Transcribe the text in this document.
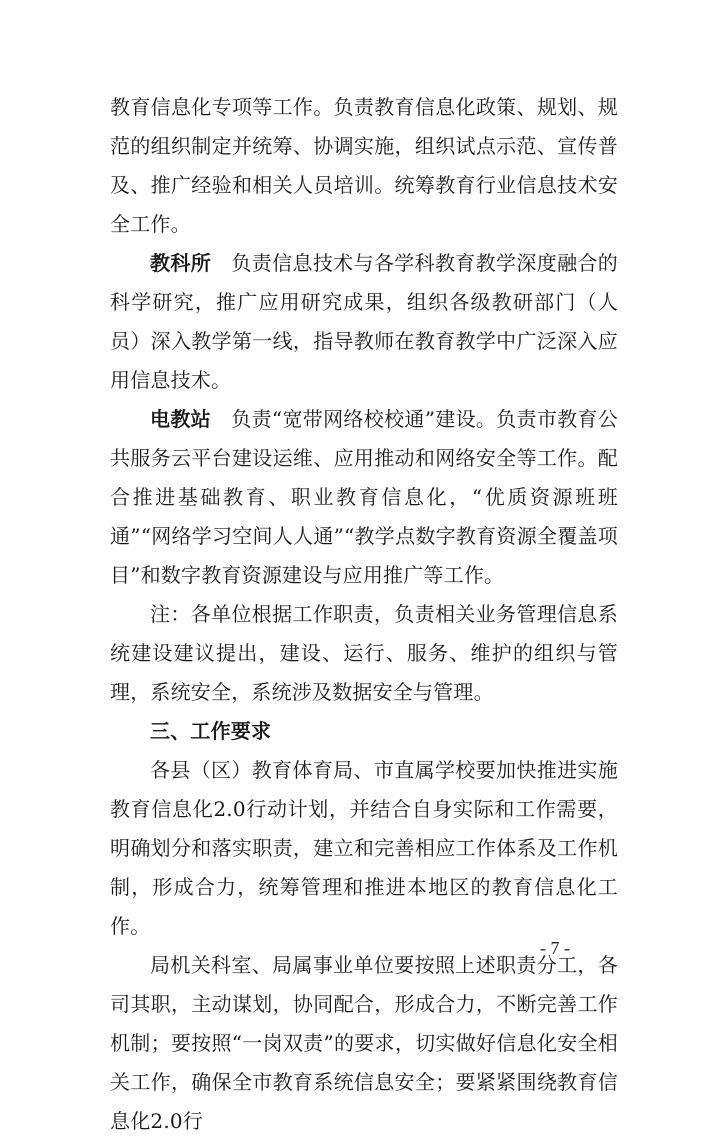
教育信息化专项等工作。负责教育信息化政策、规划、规范的组织制定并统筹、协调实施，组织试点示范、宣传普及、推广经验和相关人员培训。统筹教育行业信息技术安全工作。

教科所　负责信息技术与各学科教育教学深度融合的科学研究，推广应用研究成果，组织各级教研部门（人员）深入教学第一线，指导教师在教育教学中广泛深入应用信息技术。

电教站　负责“宽带网络校校通”建设。负责市教育公共服务云平台建设运维、应用推动和网络安全等工作。配合推进基础教育、职业教育信息化，“优质资源班班通”“网络学习空间人人通”“教学点数字教育资源全覆盖项目”和数字教育资源建设与应用推广等工作。

注：各单位根据工作职责，负责相关业务管理信息系统建设建议提出，建设、运行、服务、维护的组织与管理，系统安全，系统涉及数据安全与管理。

三、工作要求

各县（区）教育体育局、市直属学校要加快推进实施教育信息化2.0行动计划，并结合自身实际和工作需要，明确划分和落实职责，建立和完善相应工作体系及工作机制，形成合力，统筹管理和推进本地区的教育信息化工作。

局机关科室、局属事业单位要按照上述职责分工，各司其职，主动谋划，协同配合，形成合力，不断完善工作机制；要按照“一岗双责”的要求，切实做好信息化安全相关工作，确保全市教育系统信息安全；要紧紧围绕教育信息化2.0行

- 7 -
